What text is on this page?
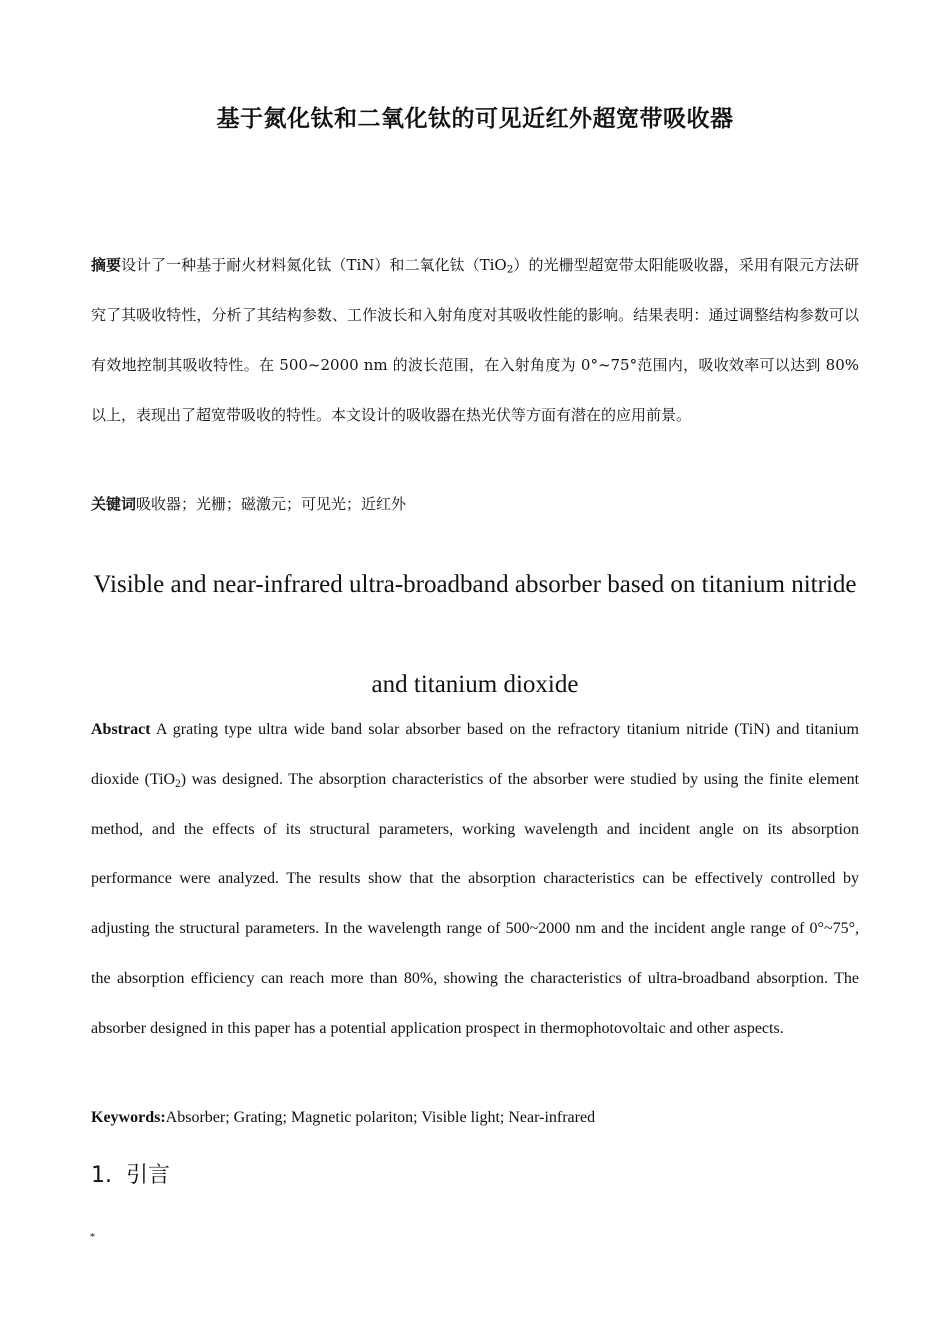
基于氮化钛和二氧化钛的可见近红外超宽带吸收器
摘要设计了一种基于耐火材料氮化钛（TiN）和二氧化钛（TiO$_2$）的光栅型超宽带太阳能吸收器，采用有限元方法研究了其吸收特性，分析了其结构参数、工作波长和入射角度对其吸收性能的影响。结果表明：通过调整结构参数可以有效地控制其吸收特性。在 500~2000 nm 的波长范围，在入射角度为 0°~75°范围内，吸收效率可以达到 80%以上，表现出了超宽带吸收的特性。本文设计的吸收器在热光伏等方面有潜在的应用前景。
关键词吸收器；光栅；磁激元；可见光；近红外
Visible and near-infrared ultra-broadband absorber based on titanium nitride and titanium dioxide
Abstract A grating type ultra wide band solar absorber based on the refractory titanium nitride (TiN) and titanium dioxide (TiO$_2$) was designed. The absorption characteristics of the absorber were studied by using the finite element method, and the effects of its structural parameters, working wavelength and incident angle on its absorption performance were analyzed. The results show that the absorption characteristics can be effectively controlled by adjusting the structural parameters. In the wavelength range of 500~2000 nm and the incident angle range of 0°~75°, the absorption efficiency can reach more than 80%, showing the characteristics of ultra-broadband absorption. The absorber designed in this paper has a potential application prospect in thermophotovoltaic and other aspects.
Keywords:Absorber; Grating; Magnetic polariton; Visible light; Near-infrared
1. 引言
*
